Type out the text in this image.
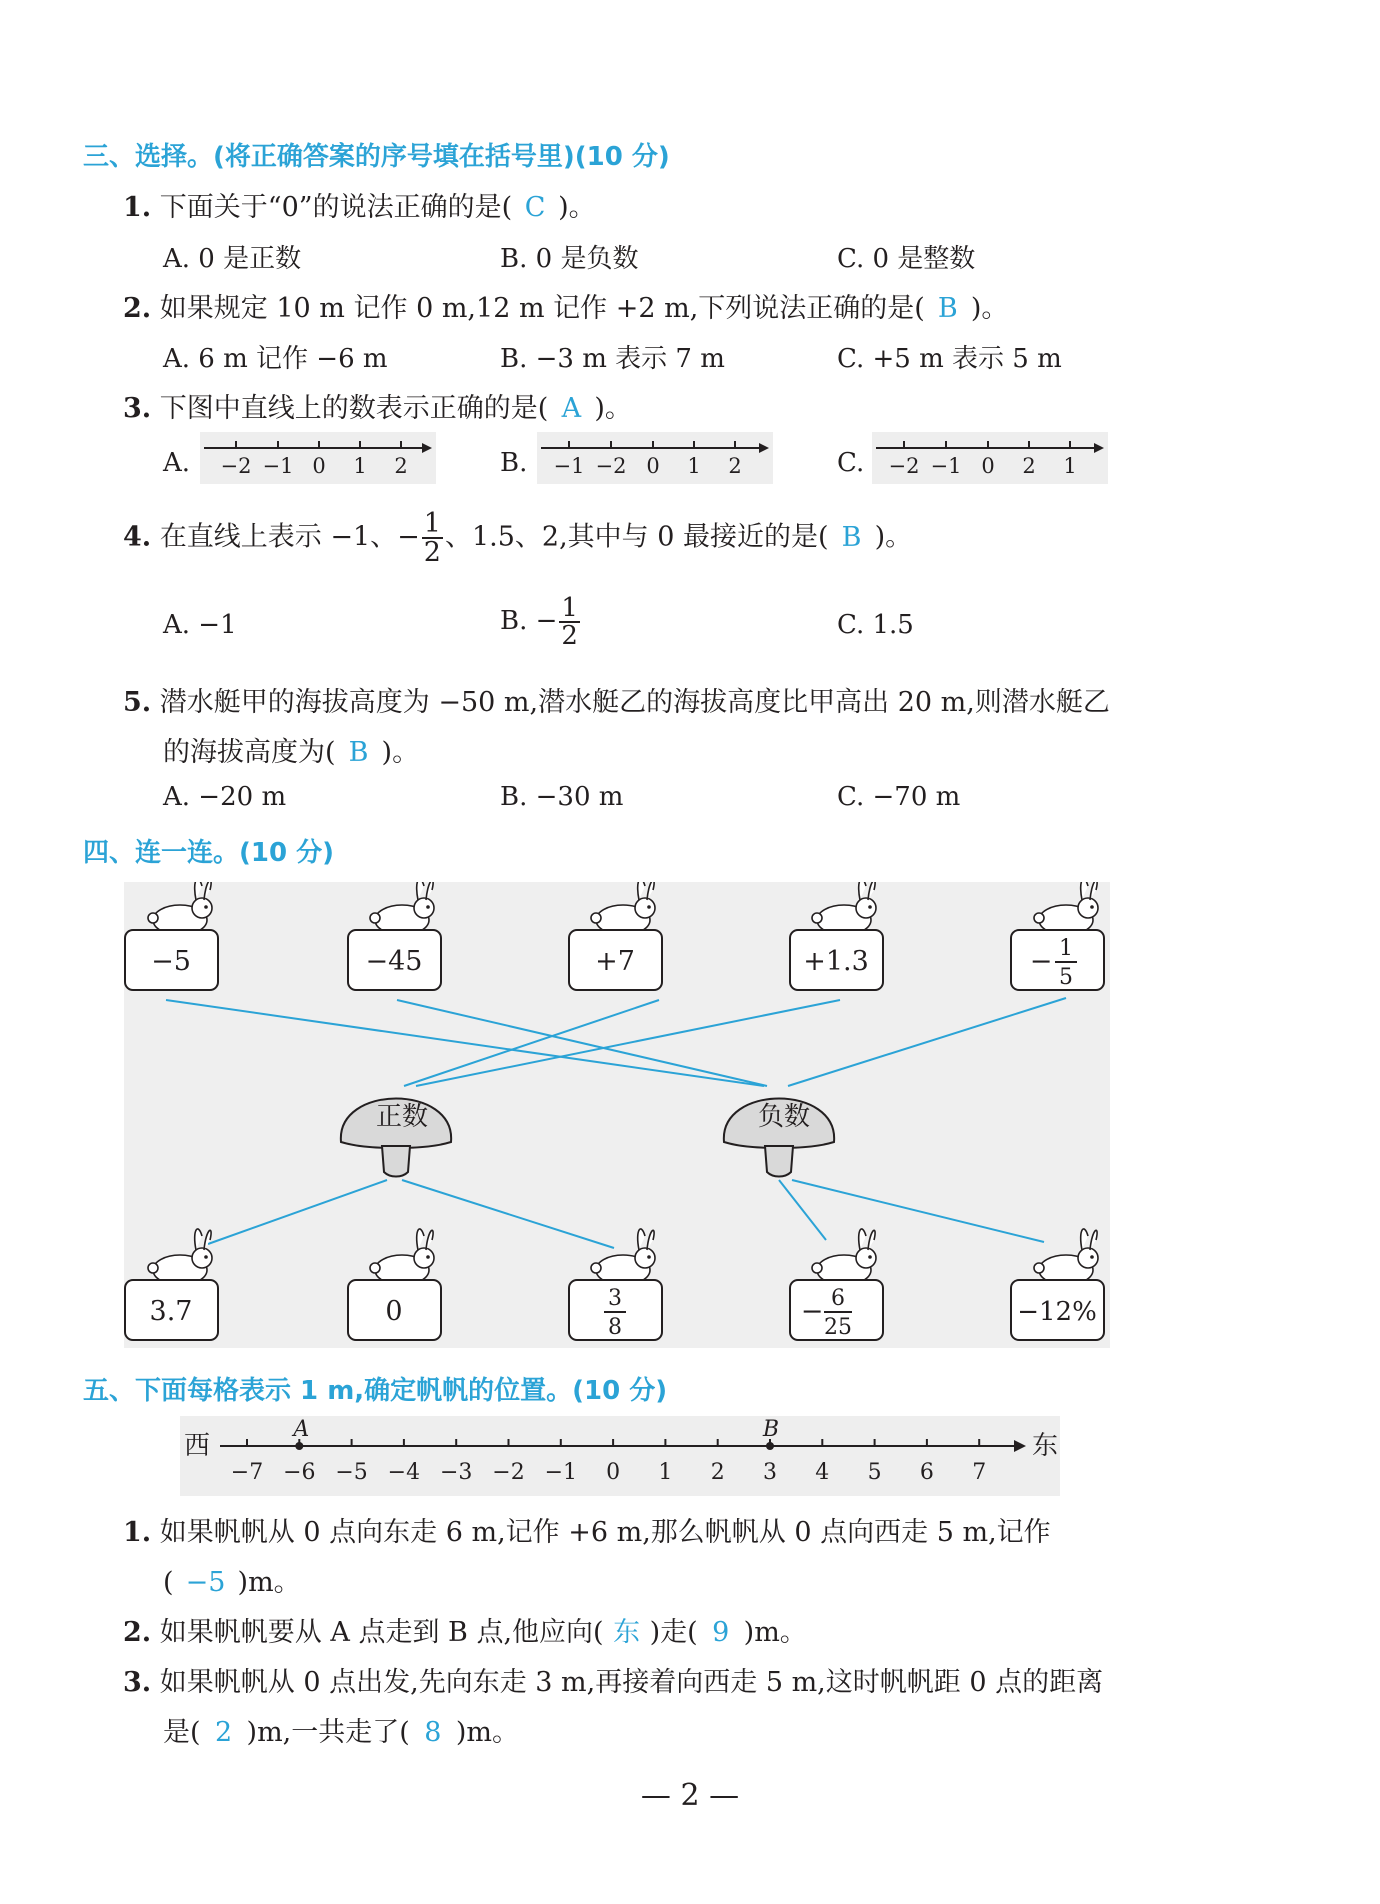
三、选择。(将正确答案的序号填在括号里)(10 分)
1. 下面关于“0”的说法正确的是( C )。
A. 0 是正数	B. 0 是负数	C. 0 是整数
2. 如果规定 10 m 记作 0 m,12 m 记作 +2 m,下列说法正确的是( B )。
A. 6 m 记作 −6 m	B. −3 m 表示 7 m	C. +5 m 表示 5 m
3. 下图中直线上的数表示正确的是( A )。
A.	B.	C.
−2 −1 0 1 2	−1 −2 0 1 2	−2 −1 0 2 1
4. 在直线上表示 −1、− $\frac{1}{2}$ 、1.5、2,其中与 0 最接近的是( B )。
A. −1	B. − $\frac{1}{2}$	C. 1.5
5. 潜水艇甲的海拔高度为 −50 m,潜水艇乙的海拔高度比甲高出 20 m,则潜水艇乙
的海拔高度为( B )。
A. −20 m	B. −30 m	C. −70 m
四、连一连。(10 分)
−5	−45	+7	+1.3	− 1
5
正数	负数
3.7	0	3
8
− 6
25
−12%
五、下面每格表示 1 m,确定帆帆的位置。(10 分)
西	东
−7 −6 −5 −4 −3 −2 −1 0 1 2 3 4 5 6 7
A	B
1. 如果帆帆从 0 点向东走 6 m,记作 +6 m,那么帆帆从 0 点向西走 5 m,记作
( −5 )m。
2. 如果帆帆要从 A 点走到 B 点,他应向( 东 )走( 9 )m。
3. 如果帆帆从 0 点出发,先向东走 3 m,再接着向西走 5 m,这时帆帆距 0 点的距离
是( 2 )m,一共走了( 8 )m。
— 2 —
